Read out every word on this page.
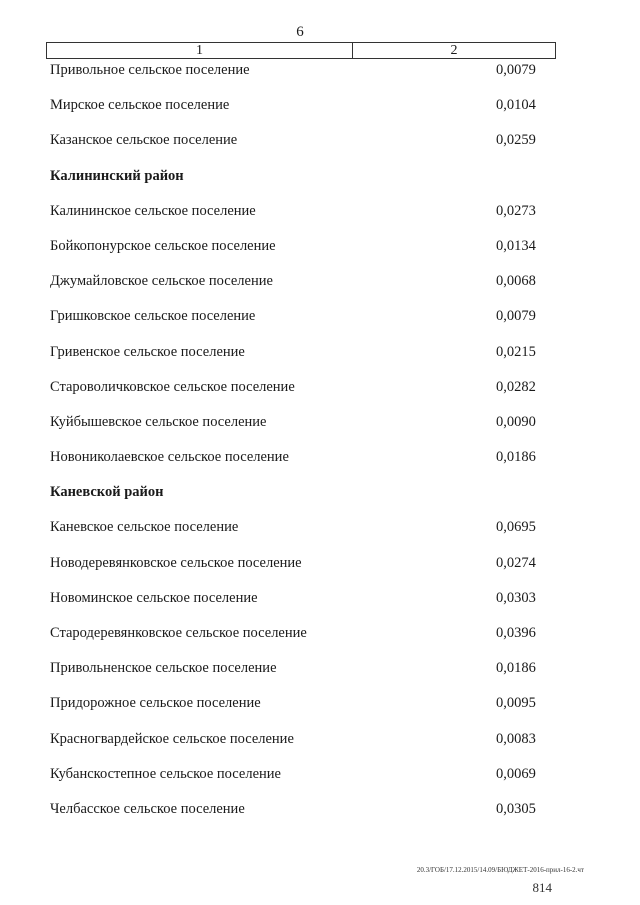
6
1	2
Привольное сельское поселение	0,0079
Мирское сельское поселение	0,0104
Казанское сельское поселение	0,0259
Калининский район
Калининское сельское поселение	0,0273
Бойкопонурское сельское поселение	0,0134
Джумайловское сельское поселение	0,0068
Гришковское сельское поселение	0,0079
Гривенское сельское поселение	0,0215
Староволичковское сельское поселение	0,0282
Куйбышевское сельское поселение	0,0090
Новониколаевское сельское поселение	0,0186
Каневской район
Каневское сельское поселение	0,0695
Новодеревянковское сельское поселение	0,0274
Новоминское сельское поселение	0,0303
Стародеревянковское сельское поселение	0,0396
Привольненское сельское поселение	0,0186
Придорожное сельское поселение	0,0095
Красногвардейское сельское поселение	0,0083
Кубанскостепное сельское поселение	0,0069
Челбасское сельское поселение	0,0305
20.3/ГОБ/17.12.2015/14.09/БЮДЖЕТ-2016-прил-16-2.чт
814
